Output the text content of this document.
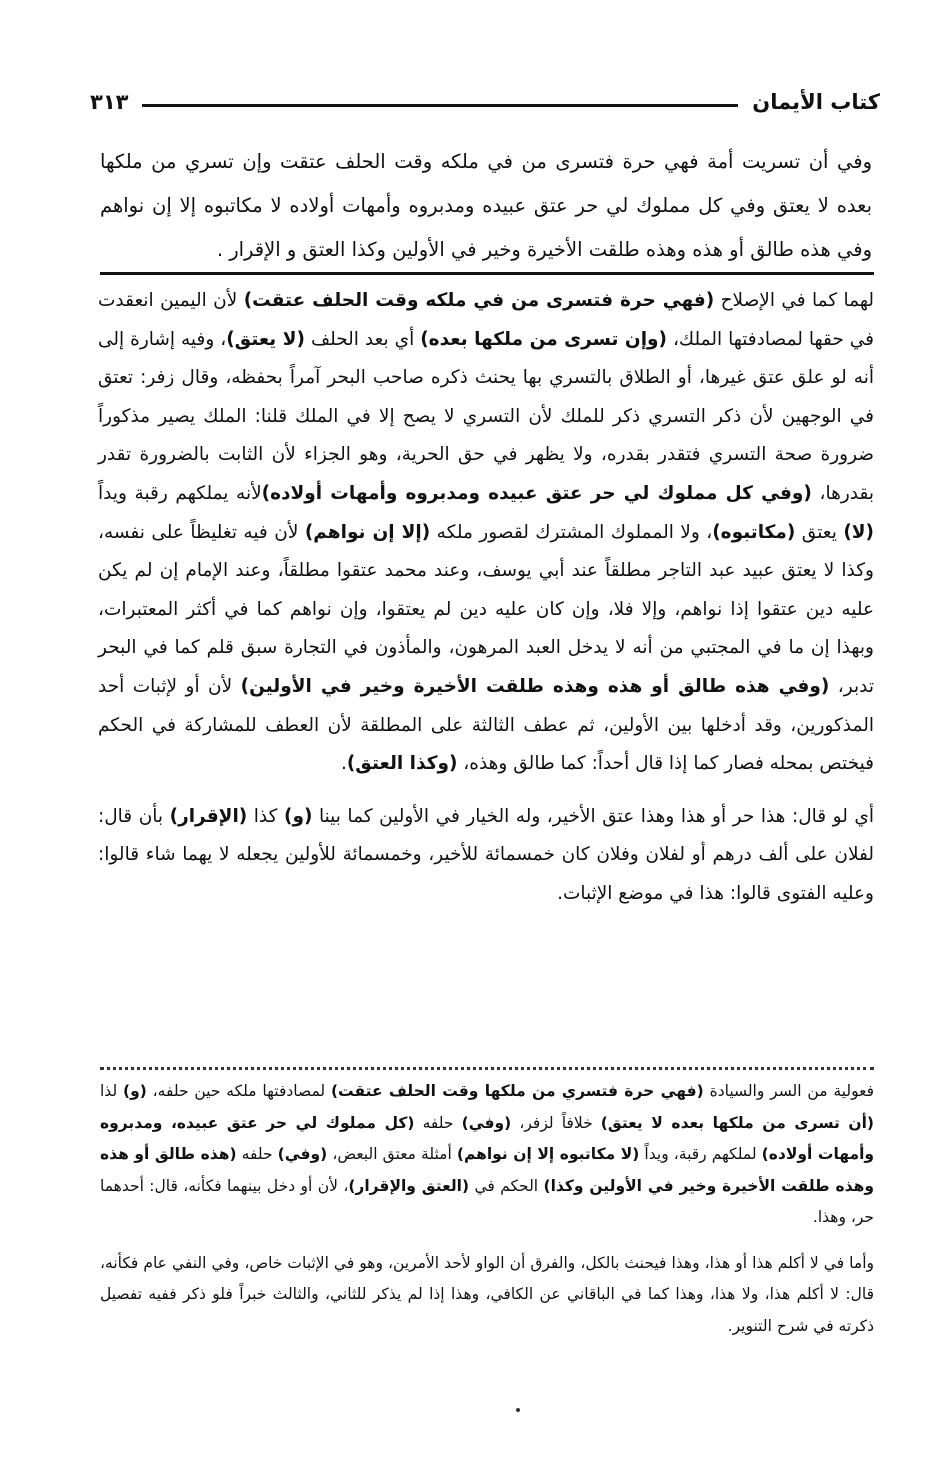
كتاب الأيمان
٣١٣

وفي أن تسريت أمة فهي حرة فتسرى من في ملكه وقت الحلف عتقت وإن تسري من ملكها بعده لا يعتق وفي كل مملوك لي حر عتق عبيده ومدبروه وأمهات أولاده لا مكاتبوه إلا إن نواهم وفي هذه طالق أو هذه وهذه طلقت الأخيرة وخير في الأولين وكذا العتق و الإقرار .

لهما كما في الإصلاح (فهي حرة فتسرى من في ملكه وقت الحلف عتقت) لأن اليمين انعقدت في حقها لمصادفتها الملك، (وإن تسرى من ملكها بعده) أي بعد الحلف (لا يعتق)، وفيه إشارة إلى أنه لو علق عتق غيرها، أو الطلاق بالتسري بها يحنث ذكره صاحب البحر آمراً بحفظه، وقال زفر: تعتق في الوجهين لأن ذكر التسري ذكر للملك لأن التسري لا يصح إلا في الملك قلنا: الملك يصير مذكوراً ضرورة صحة التسري فتقدر بقدره، ولا يظهر في حق الحرية، وهو الجزاء لأن الثابت بالضرورة تقدر بقدرها، (وفي كل مملوك لي حر عتق عبيده ومدبروه وأمهات أولاده)لأنه يملكهم رقبة ويداً (لا) يعتق (مكاتبوه)، ولا المملوك المشترك لقصور ملكه (إلا إن نواهم) لأن فيه تغليظاً على نفسه، وكذا لا يعتق عبيد عبد التاجر مطلقاً عند أبي يوسف، وعند محمد عتقوا مطلقاً، وعند الإمام إن لم يكن عليه دين عتقوا إذا نواهم، وإلا فلا، وإن كان عليه دين لم يعتقوا، وإن نواهم كما في أكثر المعتبرات، وبهذا إن ما في المجتبي من أنه لا يدخل العبد المرهون، والمأذون في التجارة سبق قلم كما في البحر تدبر، (وفي هذه طالق أو هذه وهذه طلقت الأخيرة وخير في الأولين) لأن أو لإثبات أحد المذكورين، وقد أدخلها بين الأولين، ثم عطف الثالثة على المطلقة لأن العطف للمشاركة في الحكم فيختص بمحله فصار كما إذا قال أحداً: كما طالق وهذه، (وكذا العتق).

أي لو قال: هذا حر أو هذا وهذا عتق الأخير، وله الخيار في الأولين كما بينا (و) كذا (الإقرار) بأن قال: لفلان على ألف درهم أو لفلان وفلان كان خمسمائة للأخير، وخمسمائة للأولين يجعله لا يهما شاء قالوا: وعليه الفتوى قالوا: هذا في موضع الإثبات.

فعولية من السر والسيادة (فهي حرة فتسري من ملكها وقت الحلف عتقت) لمصادفتها ملكه حين حلفه، (و) لذا (أن تسرى من ملكها بعده لا يعتق) خلافاً لزفر، (وفي) حلفه (كل مملوك لي حر عتق عبيده، ومدبروه وأمهات أولاده) لملكهم رقبة، ويداً (لا مكاتبوه إلا إن نواهم) أمثلة معتق البعض، (وفي) حلفه (هذه طالق أو هذه وهذه طلقت الأخيرة وخير في الأولين وكذا) الحكم في (العتق والإقرار)، لأن أو دخل بينهما فكأنه، قال: أحدهما حر، وهذا.

وأما في لا أكلم هذا أو هذا، وهذا فيحنث بالكل، والفرق أن الواو لأحد الأمرين، وهو في الإثبات خاص، وفي النفي عام فكأنه، قال: لا أكلم هذا، ولا هذا، وهذا كما في الباقاني عن الكافي، وهذا إذا لم يذكر للثاني، والثالث خبراً فلو ذكر ففيه تفصيل ذكرته في شرح التنوير.
